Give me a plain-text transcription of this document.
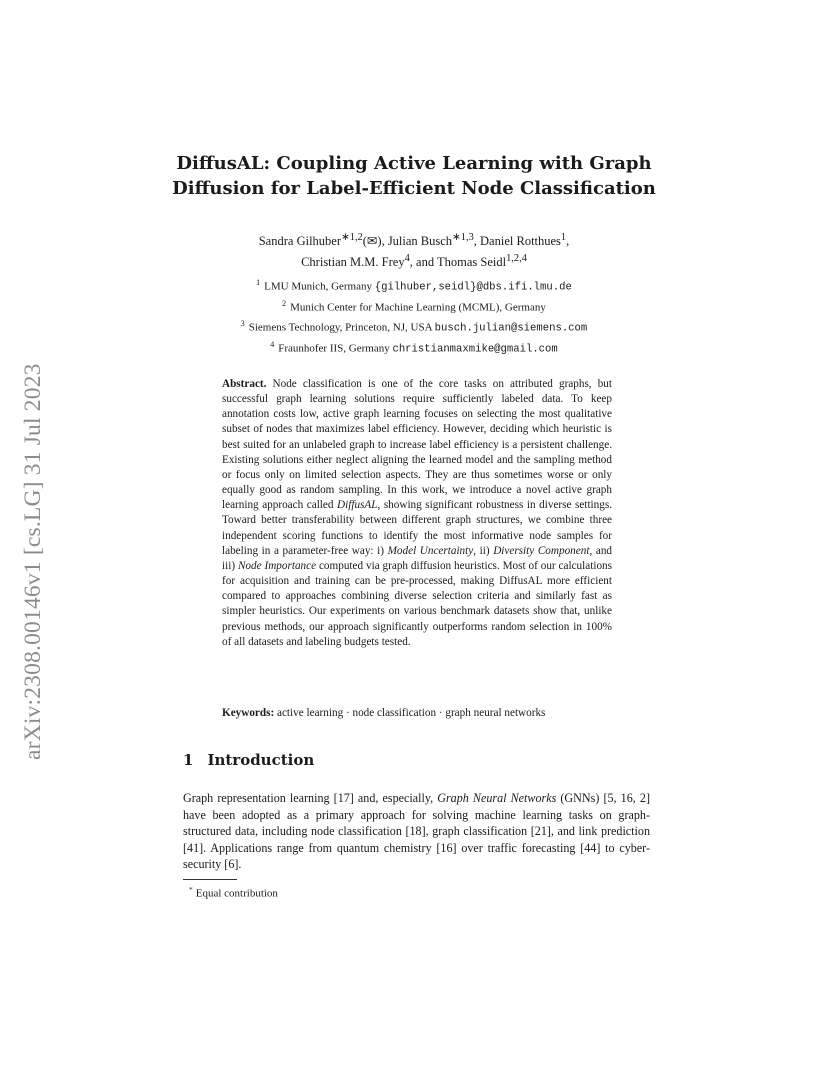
arXiv:2308.00146v1 [cs.LG] 31 Jul 2023
DiffusAL: Coupling Active Learning with Graph
Diffusion for Label-Efficient Node Classification
Sandra Gilhuber$^{∗1,2}$(✉), Julian Busch$^{∗1,3}$, Daniel Rotthues$^1$,
Christian M.M. Frey$^4$, and Thomas Seidl$^{1,2,4}$
$^1$ LMU Munich, Germany {gilhuber,seidl}@dbs.ifi.lmu.de
$^2$ Munich Center for Machine Learning (MCML), Germany
$^3$ Siemens Technology, Princeton, NJ, USA busch.julian@siemens.com
$^4$ Fraunhofer IIS, Germany christianmaxmike@gmail.com
Abstract. Node classification is one of the core tasks on attributed graphs, but successful graph learning solutions require sufficiently labeled data. To keep annotation costs low, active graph learning focuses on selecting the most qualitative subset of nodes that maximizes label efficiency. However, deciding which heuristic is best suited for an unlabeled graph to increase label efficiency is a persistent challenge. Existing solutions either neglect aligning the learned model and the sampling method or focus only on limited selection aspects. They are thus sometimes worse or only equally good as random sampling. In this work, we introduce a novel active graph learning approach called DiffusAL, showing significant robustness in diverse settings. Toward better transferability between different graph structures, we combine three independent scoring functions to identify the most informative node samples for labeling in a parameter-free way: i) Model Uncertainty, ii) Diversity Component, and iii) Node Importance computed via graph diffusion heuristics. Most of our calculations for acquisition and training can be pre-processed, making DiffusAL more efficient compared to approaches combining diverse selection criteria and similarly fast as simpler heuristics. Our experiments on various benchmark datasets show that, unlike previous methods, our approach significantly outperforms random selection in 100% of all datasets and labeling budgets tested.
Keywords: active learning · node classification · graph neural networks
1 Introduction
Graph representation learning [17] and, especially, Graph Neural Networks (GNNs) [5, 16, 2] have been adopted as a primary approach for solving machine learning tasks on graph-structured data, including node classification [18], graph classification [21], and link prediction [41]. Applications range from quantum chemistry [16] over traffic forecasting [44] to cyber-security [6].
* Equal contribution
